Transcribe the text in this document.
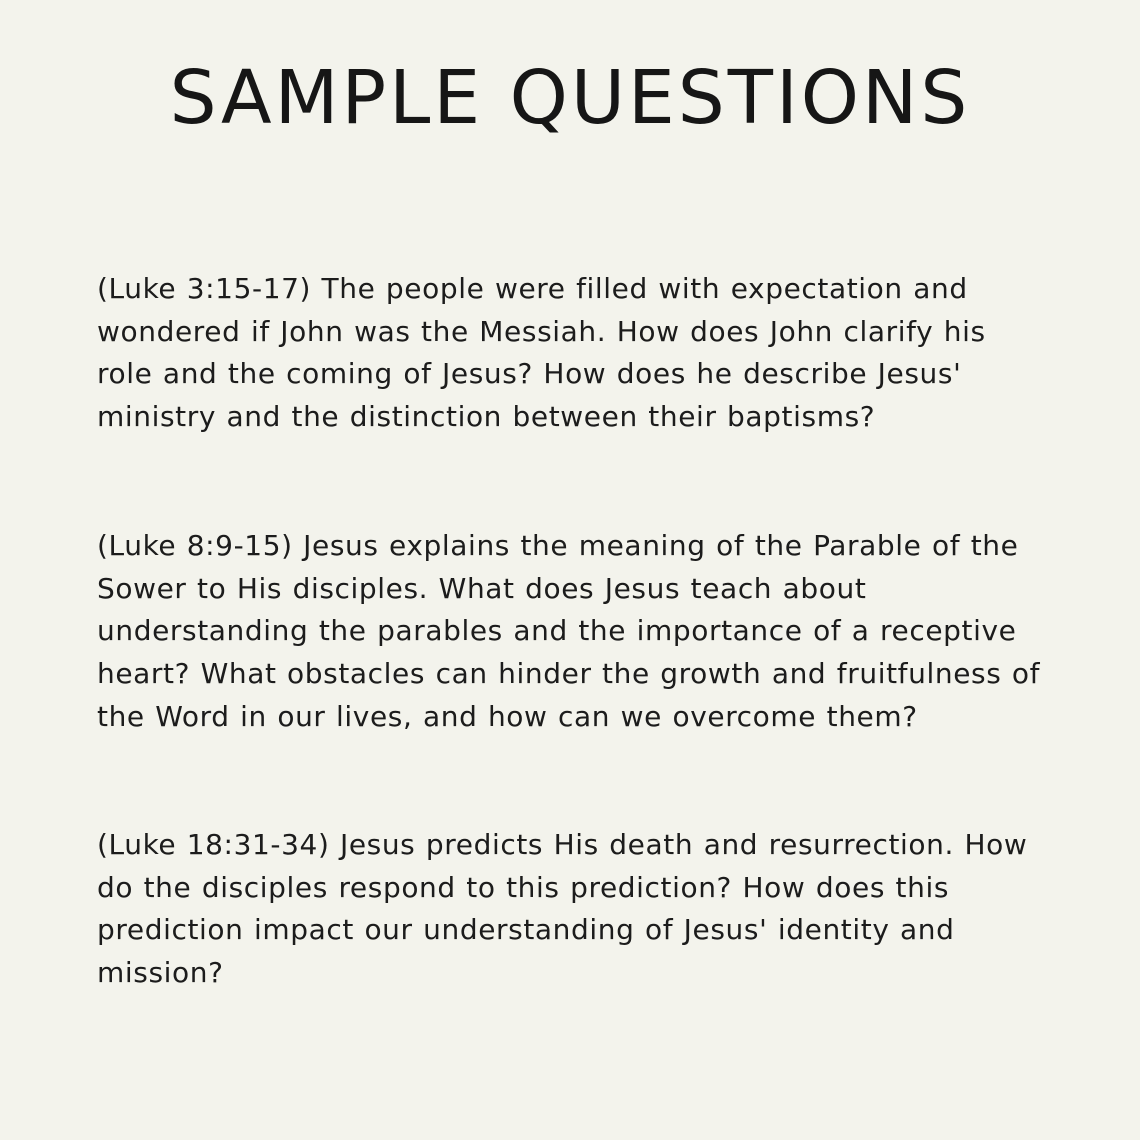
SAMPLE QUESTIONS

(Luke 3:15-17) The people were filled with expectation and wondered if John was the Messiah. How does John clarify his role and the coming of Jesus? How does he describe Jesus' ministry and the distinction between their baptisms?

(Luke 8:9-15) Jesus explains the meaning of the Parable of the Sower to His disciples. What does Jesus teach about understanding the parables and the importance of a receptive heart? What obstacles can hinder the growth and fruitfulness of the Word in our lives, and how can we overcome them?

(Luke 18:31-34) Jesus predicts His death and resurrection. How do the disciples respond to this prediction? How does this prediction impact our understanding of Jesus' identity and mission?
